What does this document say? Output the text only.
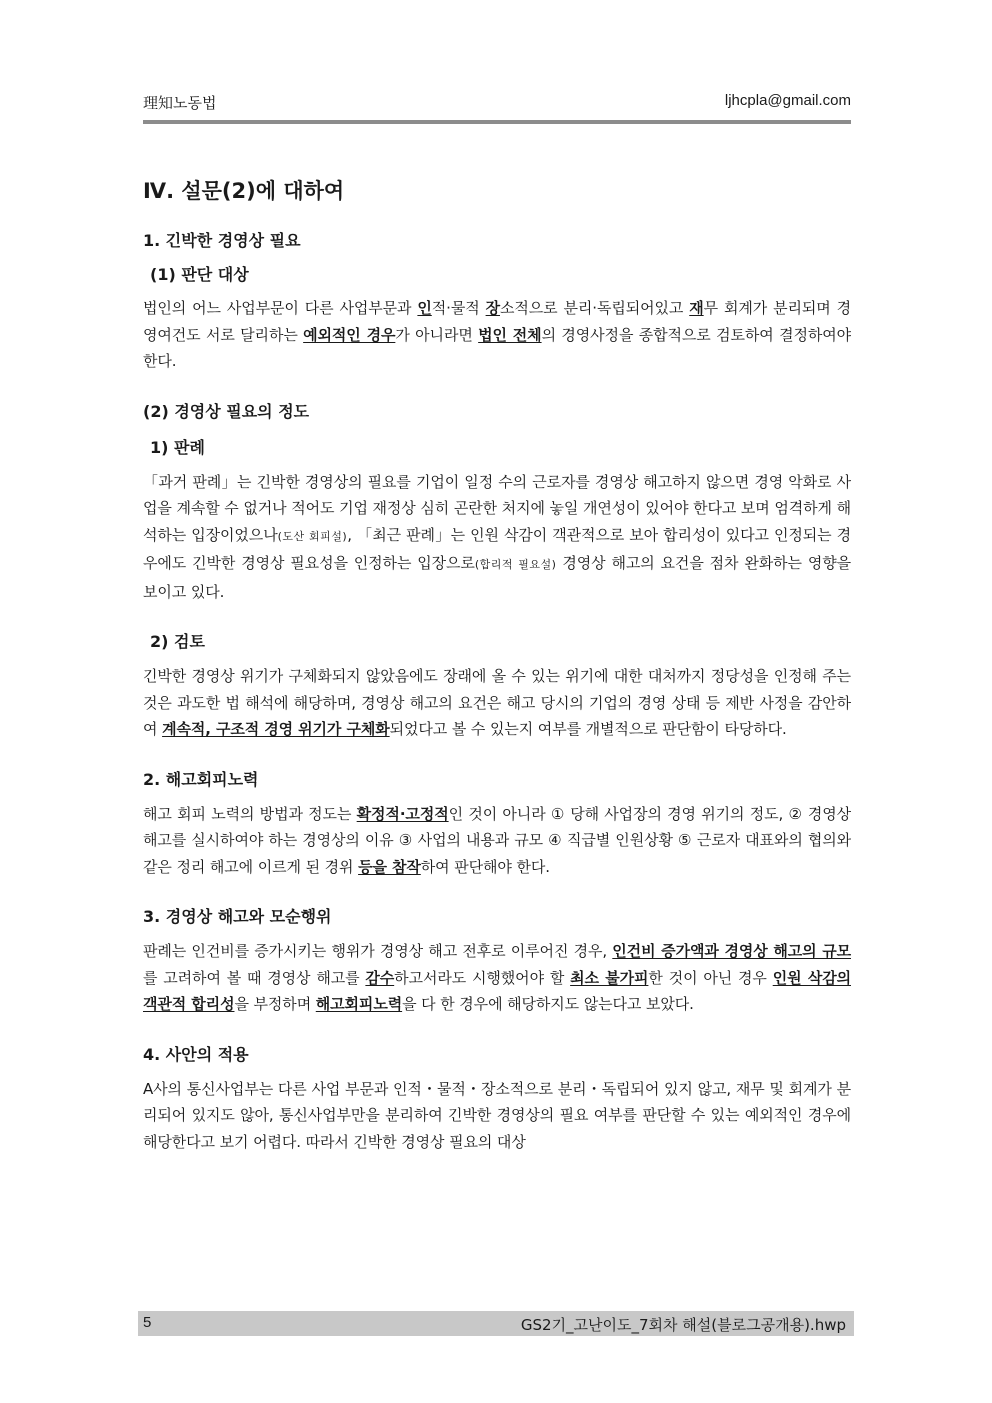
理知노동법	ljhcpla@gmail.com
Ⅳ. 설문(2)에 대하여
1. 긴박한 경영상 필요
(1) 판단 대상

법인의 어느 사업부문이 다른 사업부문과 인적·물적 장소적으로 분리·독립되어있고 재무 회계가 분리되며 경영여건도 서로 달리하는 예외적인 경우가 아니라면 법인 전체의 경영사정을 종합적으로 검토하여 결정하여야 한다.

(2) 경영상 필요의 정도
1) 판례

「과거 판례」는 긴박한 경영상의 필요를 기업이 일정 수의 근로자를 경영상 해고하지 않으면 경영 악화로 사업을 계속할 수 없거나 적어도 기업 재정상 심히 곤란한 처지에 놓일 개연성이 있어야 한다고 보며 엄격하게 해석하는 입장이었으나(도산 회피설), 「최근 판례」는 인원 삭감이 객관적으로 보아 합리성이 있다고 인정되는 경우에도 긴박한 경영상 필요성을 인정하는 입장으로(합리적 필요설) 경영상 해고의 요건을 점차 완화하는 영향을 보이고 있다.

2) 검토

긴박한 경영상 위기가 구체화되지 않았음에도 장래에 올 수 있는 위기에 대한 대처까지 정당성을 인정해 주는 것은 과도한 법 해석에 해당하며, 경영상 해고의 요건은 해고 당시의 기업의 경영 상태 등 제반 사정을 감안하여 계속적, 구조적 경영 위기가 구체화되었다고 볼 수 있는지 여부를 개별적으로 판단함이 타당하다.

2. 해고회피노력

해고 회피 노력의 방법과 정도는 확정적·고정적인 것이 아니라 ① 당해 사업장의 경영 위기의 정도, ② 경영상 해고를 실시하여야 하는 경영상의 이유 ③ 사업의 내용과 규모 ④ 직급별 인원상황 ⑤ 근로자 대표와의 협의와 같은 정리 해고에 이르게 된 경위 등을 참작하여 판단해야 한다.

3. 경영상 해고와 모순행위

판례는 인건비를 증가시키는 행위가 경영상 해고 전후로 이루어진 경우, 인건비 증가액과 경영상 해고의 규모를 고려하여 볼 때 경영상 해고를 감수하고서라도 시행했어야 할 최소 불가피한 것이 아닌 경우 인원 삭감의 객관적 합리성을 부정하며 해고회피노력을 다 한 경우에 해당하지도 않는다고 보았다.

4. 사안의 적용

A사의 통신사업부는 다른 사업 부문과 인적・물적・장소적으로 분리・독립되어 있지 않고, 재무 및 회계가 분리되어 있지도 않아, 통신사업부만을 분리하여 긴박한 경영상의 필요 여부를 판단할 수 있는 예외적인 경우에 해당한다고 보기 어렵다. 따라서 긴박한 경영상 필요의 대상

5	GS2기_고난이도_7회차 해설(블로그공개용).hwp
